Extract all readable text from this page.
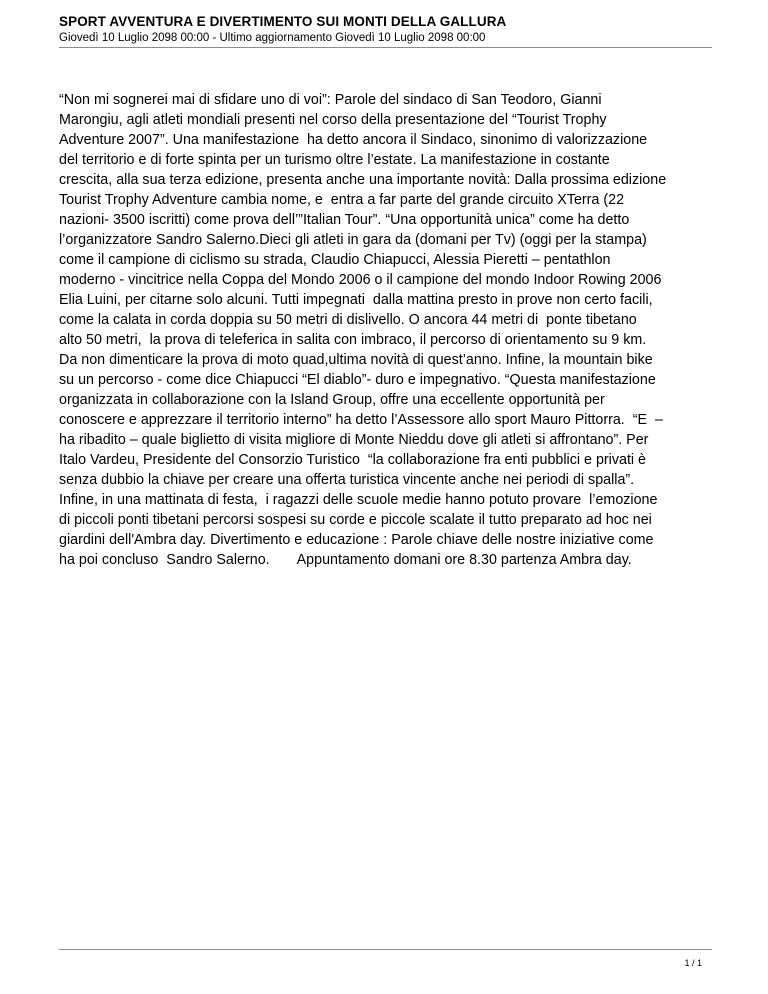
SPORT AVVENTURA E DIVERTIMENTO SUI MONTI DELLA GALLURA
Giovedì 10 Luglio 2098 00:00 - Ultimo aggiornamento Giovedì 10 Luglio 2098 00:00
“Non mi sognerei mai di sfidare uno di voi”: Parole del sindaco di San Teodoro, Gianni
Marongiu, agli atleti mondiali presenti nel corso della presentazione del “Tourist Trophy
Adventure 2007”. Una manifestazione  ha detto ancora il Sindaco, sinonimo di valorizzazione
del territorio e di forte spinta per un turismo oltre l’estate. La manifestazione in costante
crescita, alla sua terza edizione, presenta anche una importante novità: Dalla prossima edizione
Tourist Trophy Adventure cambia nome, e  entra a far parte del grande circuito XTerra (22
nazioni- 3500 iscritti) come prova dell’”Italian Tour”. “Una opportunità unica” come ha detto
l’organizzatore Sandro Salerno.Dieci gli atleti in gara da (domani per Tv) (oggi per la stampa)
come il campione di ciclismo su strada, Claudio Chiapucci, Alessia Pieretti – pentathlon
moderno - vincitrice nella Coppa del Mondo 2006 o il campione del mondo Indoor Rowing 2006
Elia Luini, per citarne solo alcuni. Tutti impegnati  dalla mattina presto in prove non certo facili,
come la calata in corda doppia su 50 metri di dislivello. O ancora 44 metri di  ponte tibetano
alto 50 metri,  la prova di teleferica in salita con imbraco, il percorso di orientamento su 9 km.
Da non dimenticare la prova di moto quad,ultima novità di quest’anno. Infine, la mountain bike
su un percorso - come dice Chiapucci “El diablo”- duro e impegnativo. “Questa manifestazione
organizzata in collaborazione con la Island Group, offre una eccellente opportunità per
conoscere e apprezzare il territorio interno” ha detto l’Assessore allo sport Mauro Pittorra.  “E  –
ha ribadito – quale biglietto di visita migliore di Monte Nieddu dove gli atleti si affrontano”. Per
Italo Vardeu, Presidente del Consorzio Turistico  “la collaborazione fra enti pubblici e privati è
senza dubbio la chiave per creare una offerta turistica vincente anche nei periodi di spalla”.
Infine, in una mattinata di festa,  i ragazzi delle scuole medie hanno potuto provare  l’emozione
di piccoli ponti tibetani percorsi sospesi su corde e piccole scalate il tutto preparato ad hoc nei
giardini dell'Ambra day. Divertimento e educazione : Parole chiave delle nostre iniziative come
ha poi concluso  Sandro Salerno.       Appuntamento domani ore 8.30 partenza Ambra day.
1 / 1
